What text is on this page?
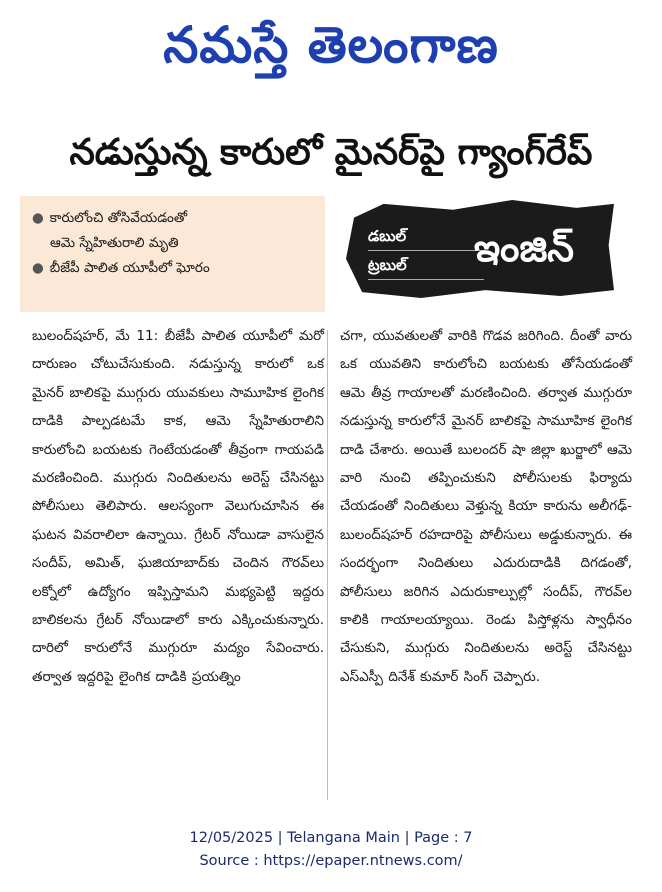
నమస్తే తెలంగాణ
నడుస్తున్న కారులో మైనర్‌పై గ్యాంగ్‌రేప్
● కారులోంచి తోసివేయడంతో
ఆమె స్నేహితురాలి మృతి
● బీజేపీ పాలిత యూపీలో ఘోరం
డబుల్
ట్రబుల్	ఇంజిన్
బులంద్‌షహర్‌, మే 11: బీజేపీ పాలిత యూపీలో మరో దారుణం చోటుచేసుకుంది. నడుస్తున్న కారులో ఒక మైనర్‌ బాలికపై ముగ్గురు యువకులు సామూహిక లైంగిక దాడికి పాల్పడటమే కాక, ఆమె స్నేహితురాలిని కారులోంచి బయటకు గెంటేయడంతో తీవ్రంగా గాయపడి మరణించింది. ముగ్గురు నిందితులను అరెస్ట్‌ చేసినట్టు పోలీసులు తెలిపారు. ఆలస్యంగా వెలుగుచూసిన ఈ ఘటన వివరాలిలా ఉన్నాయి. గ్రేటర్‌ నోయిడా వాసులైన సందీప్‌, అమిత్‌, ఘజియాబాద్‌కు చెందిన గౌరవ్‌లు లక్నోలో ఉద్యోగం ఇప్పిస్తామని మభ్యపెట్టి ఇద్దరు బాలికలను గ్రేటర్‌ నోయిడాలో కారు ఎక్కించుకున్నారు. దారిలో కారులోనే ముగ్గురూ మద్యం సేవించారు. తర్వాత ఇద్దరిపై లైంగిక దాడికి ప్రయత్నిం
చగా, యువతులతో వారికి గొడవ జరిగింది. దీంతో వారు ఒక యువతిని కారులోంచి బయటకు తోసేయడంతో ఆమె తీవ్ర గాయాలతో మరణించింది. తర్వాత ముగ్గురూ నడుస్తున్న కారులోనే మైనర్‌ బాలికపై సామూహిక లైంగిక దాడి చేశారు. అయితే బులందర్‌ షా జిల్లా ఖుర్జాలో ఆమె వారి నుంచి తప్పించుకుని పోలీసులకు ఫిర్యాదు చేయడంతో నిందితులు వెళ్తున్న కియా కారును అలీగఢ్‌-బులంద్‌షహర్‌ రహదారిపై పోలీసులు అడ్డుకున్నారు. ఈ సందర్భంగా నిందితులు ఎదురుదాడికి దిగడంతో, పోలీసులు జరిగిన ఎదురుకాల్పుల్లో సందీప్‌, గౌరవ్‌ల కాలికి గాయాలయ్యాయి. రెండు పిస్తోళ్లను స్వాధీనం చేసుకుని, ముగ్గురు నిందితులను అరెస్ట్‌ చేసినట్టు ఎస్‌ఎస్పీ దినేశ్‌ కుమార్‌ సింగ్‌ చెప్పారు.
12/05/2025 | Telangana Main | Page : 7
Source : https://epaper.ntnews.com/
